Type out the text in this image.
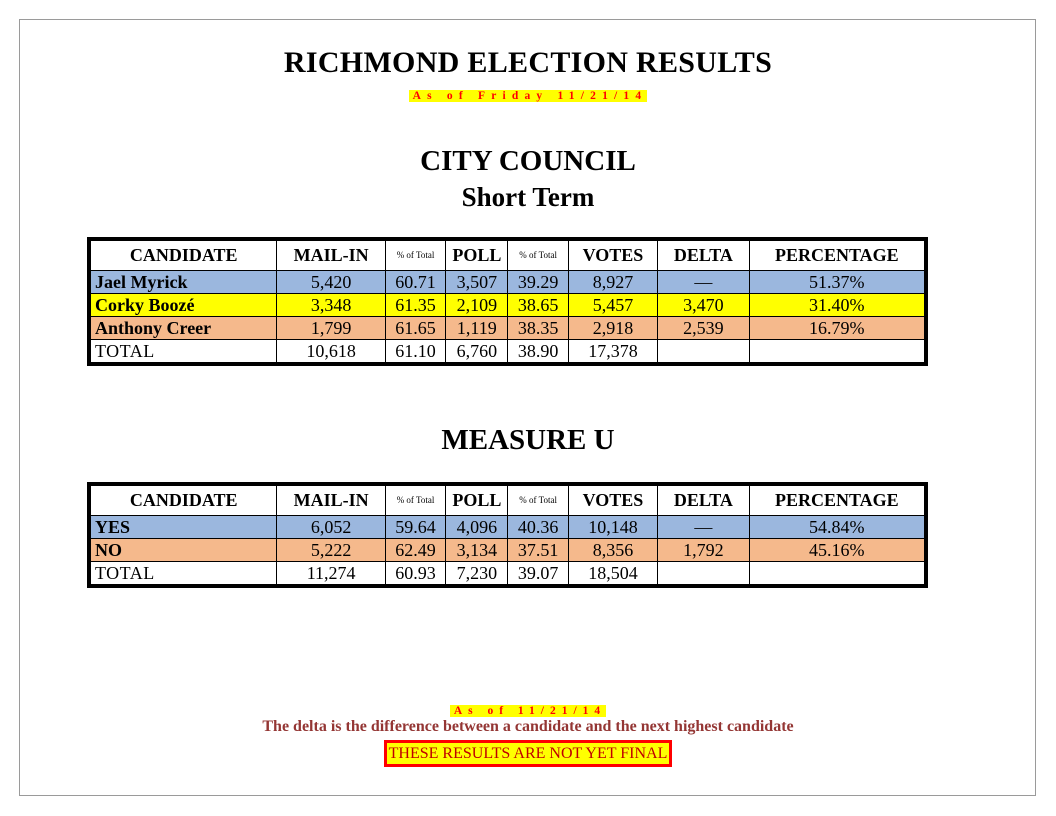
RICHMOND ELECTION RESULTS
As of Friday 11/21/14
CITY COUNCIL
Short Term
CANDIDATE	MAIL-IN	% of Total	POLL	% of Total	VOTES	DELTA	PERCENTAGE
Jael Myrick	5,420	60.71	3,507	39.29	8,927	—	51.37%
Corky Boozé	3,348	61.35	2,109	38.65	5,457	3,470	31.40%
Anthony Creer	1,799	61.65	1,119	38.35	2,918	2,539	16.79%
TOTAL	10,618	61.10	6,760	38.90	17,378		
MEASURE U
CANDIDATE	MAIL-IN	% of Total	POLL	% of Total	VOTES	DELTA	PERCENTAGE
YES	6,052	59.64	4,096	40.36	10,148	—	54.84%
NO	5,222	62.49	3,134	37.51	8,356	1,792	45.16%
TOTAL	11,274	60.93	7,230	39.07	18,504		
As of 11/21/14
The delta is the difference between a candidate and the next highest candidate
THESE RESULTS ARE NOT YET FINAL
